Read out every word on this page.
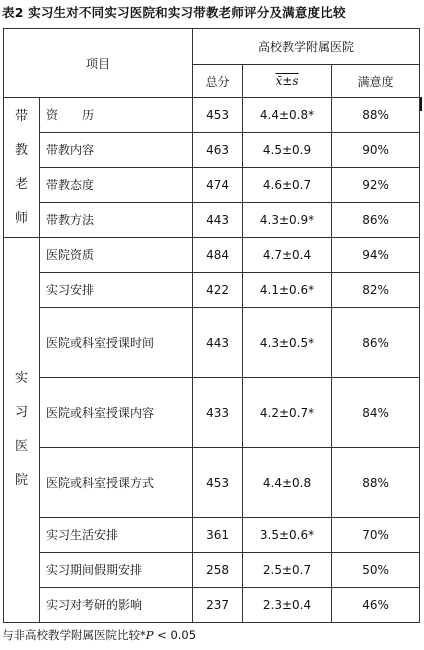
表2 实习生对不同实习医院和实习带教老师评分及满意度比较
项目		高校教学附属医院		
		总分	x̄±s	满意度

带
教
老
师	资　　历	453	4.4±0.8*	88%
	带教内容	463	4.5±0.9	90%
	带教态度	474	4.6±0.7	92%
	带教方法	443	4.3±0.9*	86%

实
习
医
院	医院资质	484	4.7±0.4	94%
	实习安排	422	4.1±0.6*	82%
	医院或科室授课时间	443	4.3±0.5*	86%
	医院或科室授课内容	433	4.2±0.7*	84%
	医院或科室授课方式	453	4.4±0.8	88%
	实习生活安排	361	3.5±0.6*	70%
	实习期间假期安排	258	2.5±0.7	50%
	实习对考研的影响	237	2.3±0.4	46%
与非高校教学附属医院比较*P < 0.05
